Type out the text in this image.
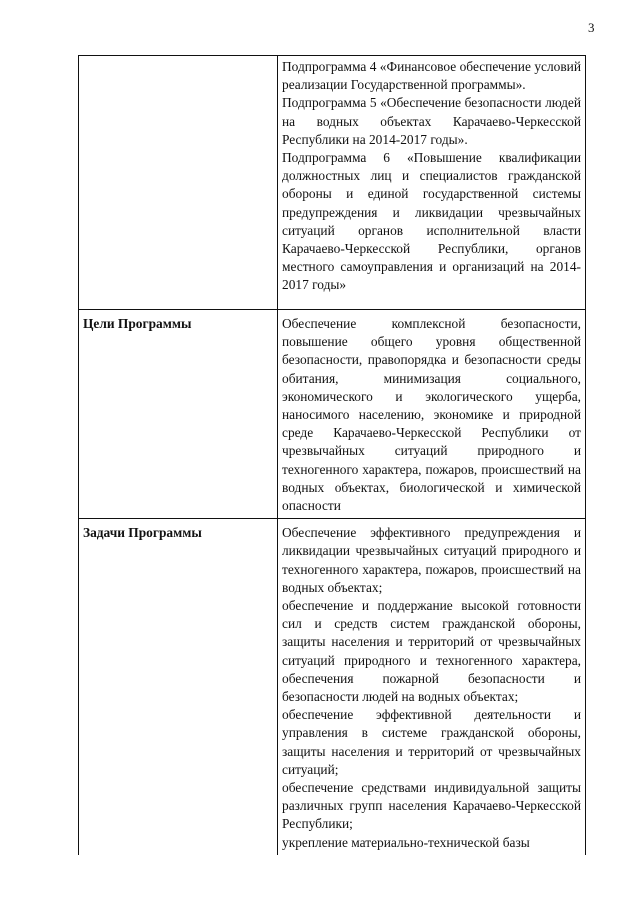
3

	Подпрограмма 4 «Финансовое обеспечение условий реализации Государственной программы».
Подпрограмма 5 «Обеспечение безопасности людей на водных объектах Карачаево-Черкесской Республики на 2014-2017 годы».
Подпрограмма 6 «Повышение квалификации должностных лиц и специалистов гражданской обороны и единой государственной системы предупреждения и ликвидации чрезвычайных ситуаций органов исполнительной власти Карачаево-Черкесской Республики, органов местного самоуправления и организаций на 2014-2017 годы»

Цели Программы	Обеспечение комплексной безопасности, повышение общего уровня общественной безопасности, правопорядка и безопасности среды обитания, минимизация социального, экономического и экологического ущерба, наносимого населению, экономике и природной среде Карачаево-Черкесской Республики от чрезвычайных ситуаций природного и техногенного характера, пожаров, происшествий на водных объектах, биологической и химической опасности

Задачи Программы	Обеспечение эффективного предупреждения и ликвидации чрезвычайных ситуаций природного и техногенного характера, пожаров, происшествий на водных объектах;
обеспечение и поддержание высокой готовности сил и средств систем гражданской обороны, защиты населения и территорий от чрезвычайных ситуаций природного и техногенного характера, обеспечения пожарной безопасности и безопасности людей на водных объектах;
обеспечение эффективной деятельности и управления в системе гражданской обороны, защиты населения и территорий от чрезвычайных ситуаций;
обеспечение средствами индивидуальной защиты различных групп населения Карачаево-Черкесской Республики;
укрепление материально-технической базы
